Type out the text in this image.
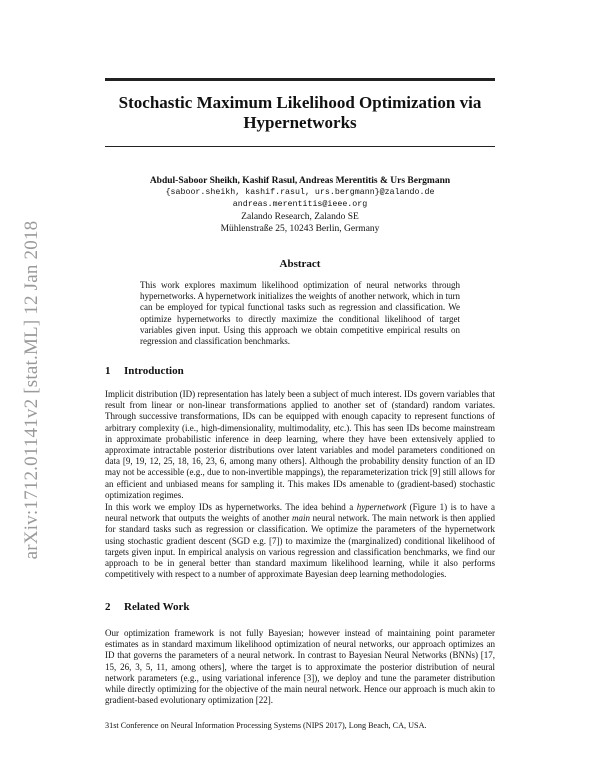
arXiv:1712.01141v2 [stat.ML] 12 Jan 2018
Stochastic Maximum Likelihood Optimization via Hypernetworks
Abdul-Saboor Sheikh, Kashif Rasul, Andreas Merentitis & Urs Bergmann
{saboor.sheikh, kashif.rasul, urs.bergmann}@zalando.de
andreas.merentitis@ieee.org
Zalando Research, Zalando SE
Mühlenstraße 25, 10243 Berlin, Germany
Abstract
This work explores maximum likelihood optimization of neural networks through hypernetworks. A hypernetwork initializes the weights of another network, which in turn can be employed for typical functional tasks such as regression and classification. We optimize hypernetworks to directly maximize the conditional likelihood of target variables given input. Using this approach we obtain competitive empirical results on regression and classification benchmarks.
1 Introduction
Implicit distribution (ID) representation has lately been a subject of much interest. IDs govern variables that result from linear or non-linear transformations applied to another set of (standard) random variates. Through successive transformations, IDs can be equipped with enough capacity to represent functions of arbitrary complexity (i.e., high-dimensionality, multimodality, etc.). This has seen IDs become mainstream in approximate probabilistic inference in deep learning, where they have been extensively applied to approximate intractable posterior distributions over latent variables and model parameters conditioned on data [9, 19, 12, 25, 18, 16, 23, 6, among many others]. Although the probability density function of an ID may not be accessible (e.g., due to non-invertible mappings), the reparameterization trick [9] still allows for an efficient and unbiased means for sampling it. This makes IDs amenable to (gradient-based) stochastic optimization regimes.
In this work we employ IDs as hypernetworks. The idea behind a hypernetwork (Figure 1) is to have a neural network that outputs the weights of another main neural network. The main network is then applied for standard tasks such as regression or classification. We optimize the parameters of the hypernetwork using stochastic gradient descent (SGD e.g. [7]) to maximize the (marginalized) conditional likelihood of targets given input. In empirical analysis on various regression and classification benchmarks, we find our approach to be in general better than standard maximum likelihood learning, while it also performs competitively with respect to a number of approximate Bayesian deep learning methodologies.
2 Related Work
Our optimization framework is not fully Bayesian; however instead of maintaining point parameter estimates as in standard maximum likelihood optimization of neural networks, our approach optimizes an ID that governs the parameters of a neural network. In contrast to Bayesian Neural Networks (BNNs) [17, 15, 26, 3, 5, 11, among others], where the target is to approximate the posterior distribution of neural network parameters (e.g., using variational inference [3]), we deploy and tune the parameter distribution while directly optimizing for the objective of the main neural network. Hence our approach is much akin to gradient-based evolutionary optimization [22].
31st Conference on Neural Information Processing Systems (NIPS 2017), Long Beach, CA, USA.
